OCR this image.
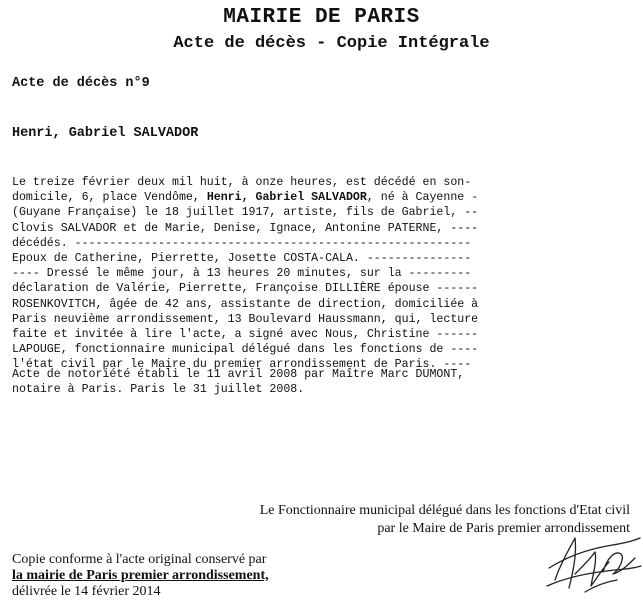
MAIRIE DE PARIS
Acte de décès - Copie Intégrale
Acte de décès n°9
Henri, Gabriel SALVADOR
Le treize février deux mil huit, à onze heures, est décédé en son-
domicile, 6, place Vendôme, Henri, Gabriel SALVADOR, né à Cayenne -
(Guyane Française) le 18 juillet 1917, artiste, fils de Gabriel, --
Clovis SALVADOR et de Marie, Denise, Ignace, Antonine PATERNE, ----
décédés. ---------------------------------------------------------
Epoux de Catherine, Pierrette, Josette COSTA-CALA. ---------------
---- Dressé le même jour, à 13 heures 20 minutes, sur la ---------
déclaration de Valérie, Pierrette, Françoise DILLIÈRE épouse ------
ROSENKOVITCH, âgée de 42 ans, assistante de direction, domiciliée à
Paris neuvième arrondissement, 13 Boulevard Haussmann, qui, lecture
faite et invitée à lire l'acte, a signé avec Nous, Christine ------
LAPOUGE, fonctionnaire municipal délégué dans les fonctions de ----
l'état civil par le Maire du premier arrondissement de Paris. ----
Acte de notoriété établi le 11 avril 2008 par Maître Marc DUMONT,
notaire à Paris. Paris le 31 juillet 2008.
Le Fonctionnaire municipal délégué dans les fonctions d'Etat civil
par le Maire de Paris premier arrondissement
Copie conforme à l'acte original conservé par
la mairie de Paris premier arrondissement,
délivrée le 14 février 2014
